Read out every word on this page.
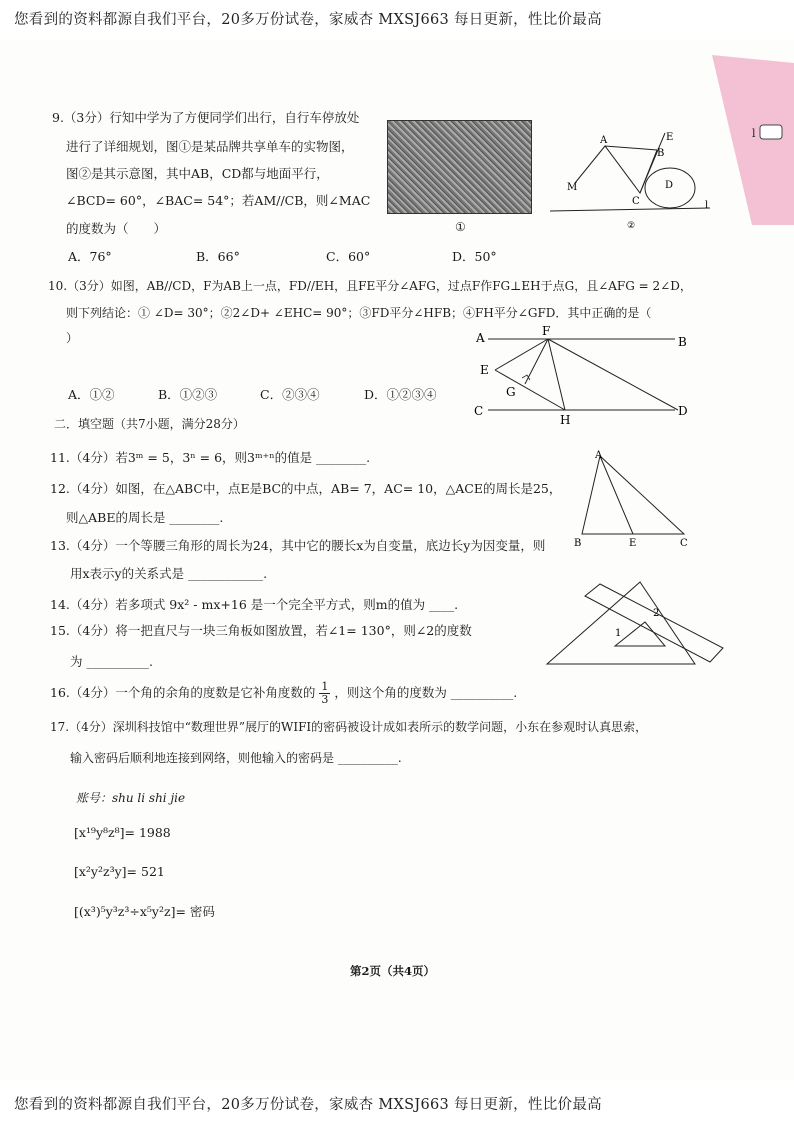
您看到的资料都源自我们平台，20多万份试卷，家威杏 MXSJ663 每日更新，性比价最高
l
9.（3分）行知中学为了方便同学们出行，自行车停放处
进行了详细规划，图①是某品牌共享单车的实物图，
图②是其示意图，其中AB，CD都与地面平行，
∠BCD= 60°，∠BAC= 54°；若AM//CB，则∠MAC
的度数为（　　）	①
A
B
E
M
C
D
l
②
A．76°	B．66°	C．60°	D．50°
10.（3分）如图，AB//CD，F为AB上一点，FD//EH，且FE平分∠AFG，过点F作FG⊥EH于点G，且∠AFG = 2∠D，
则下列结论：① ∠D= 30°；②2∠D+ ∠EHC= 90°；③FD平分∠HFB；④FH平分∠GFD．其中正确的是（
）	A	F
B
E
G
C
H
D
A．①②	B．①②③	C．②③④	D．①②③④
二．填空题（共7小题，满分28分）
11.（4分）若3ᵐ = 5，3ⁿ = 6，则3ᵐ⁺ⁿ的值是 ________.
12.（4分）如图，在△ABC中，点E是BC的中点，AB= 7，AC= 10，△ACE的周长是25，
则△ABE的周长是 ________.
A
B	E	C
13.（4分）一个等腰三角形的周长为24，其中它的腰长x为自变量，底边长y为因变量，则
用x表示y的关系式是 ____________.
14.（4分）若多项式 9x² - mx+16 是一个完全平方式，则m的值为 ____.
15.（4分）将一把直尺与一块三角板如图放置，若∠1= 130°，则∠2的度数
为 __________.
1
2
16.（4分）一个角的余角的度数是它补角度数的 $\frac{1}{3}$ ，则这个角的度数为 __________.
17.（4分）深圳科技馆中“数理世界”展厅的WIFI的密码被设计成如表所示的数学问题，小东在参观时认真思索，
输入密码后顺利地连接到网络，则他输入的密码是 __________.
账号：shu li shi jie
[x¹⁹y⁸z⁸]= 1988
[x²y²z³y]= 521
[(x³)⁵y³z³÷x⁵y²z]= 密码
第2页（共4页）
您看到的资料都源自我们平台，20多万份试卷，家威杏 MXSJ663 每日更新，性比价最高
